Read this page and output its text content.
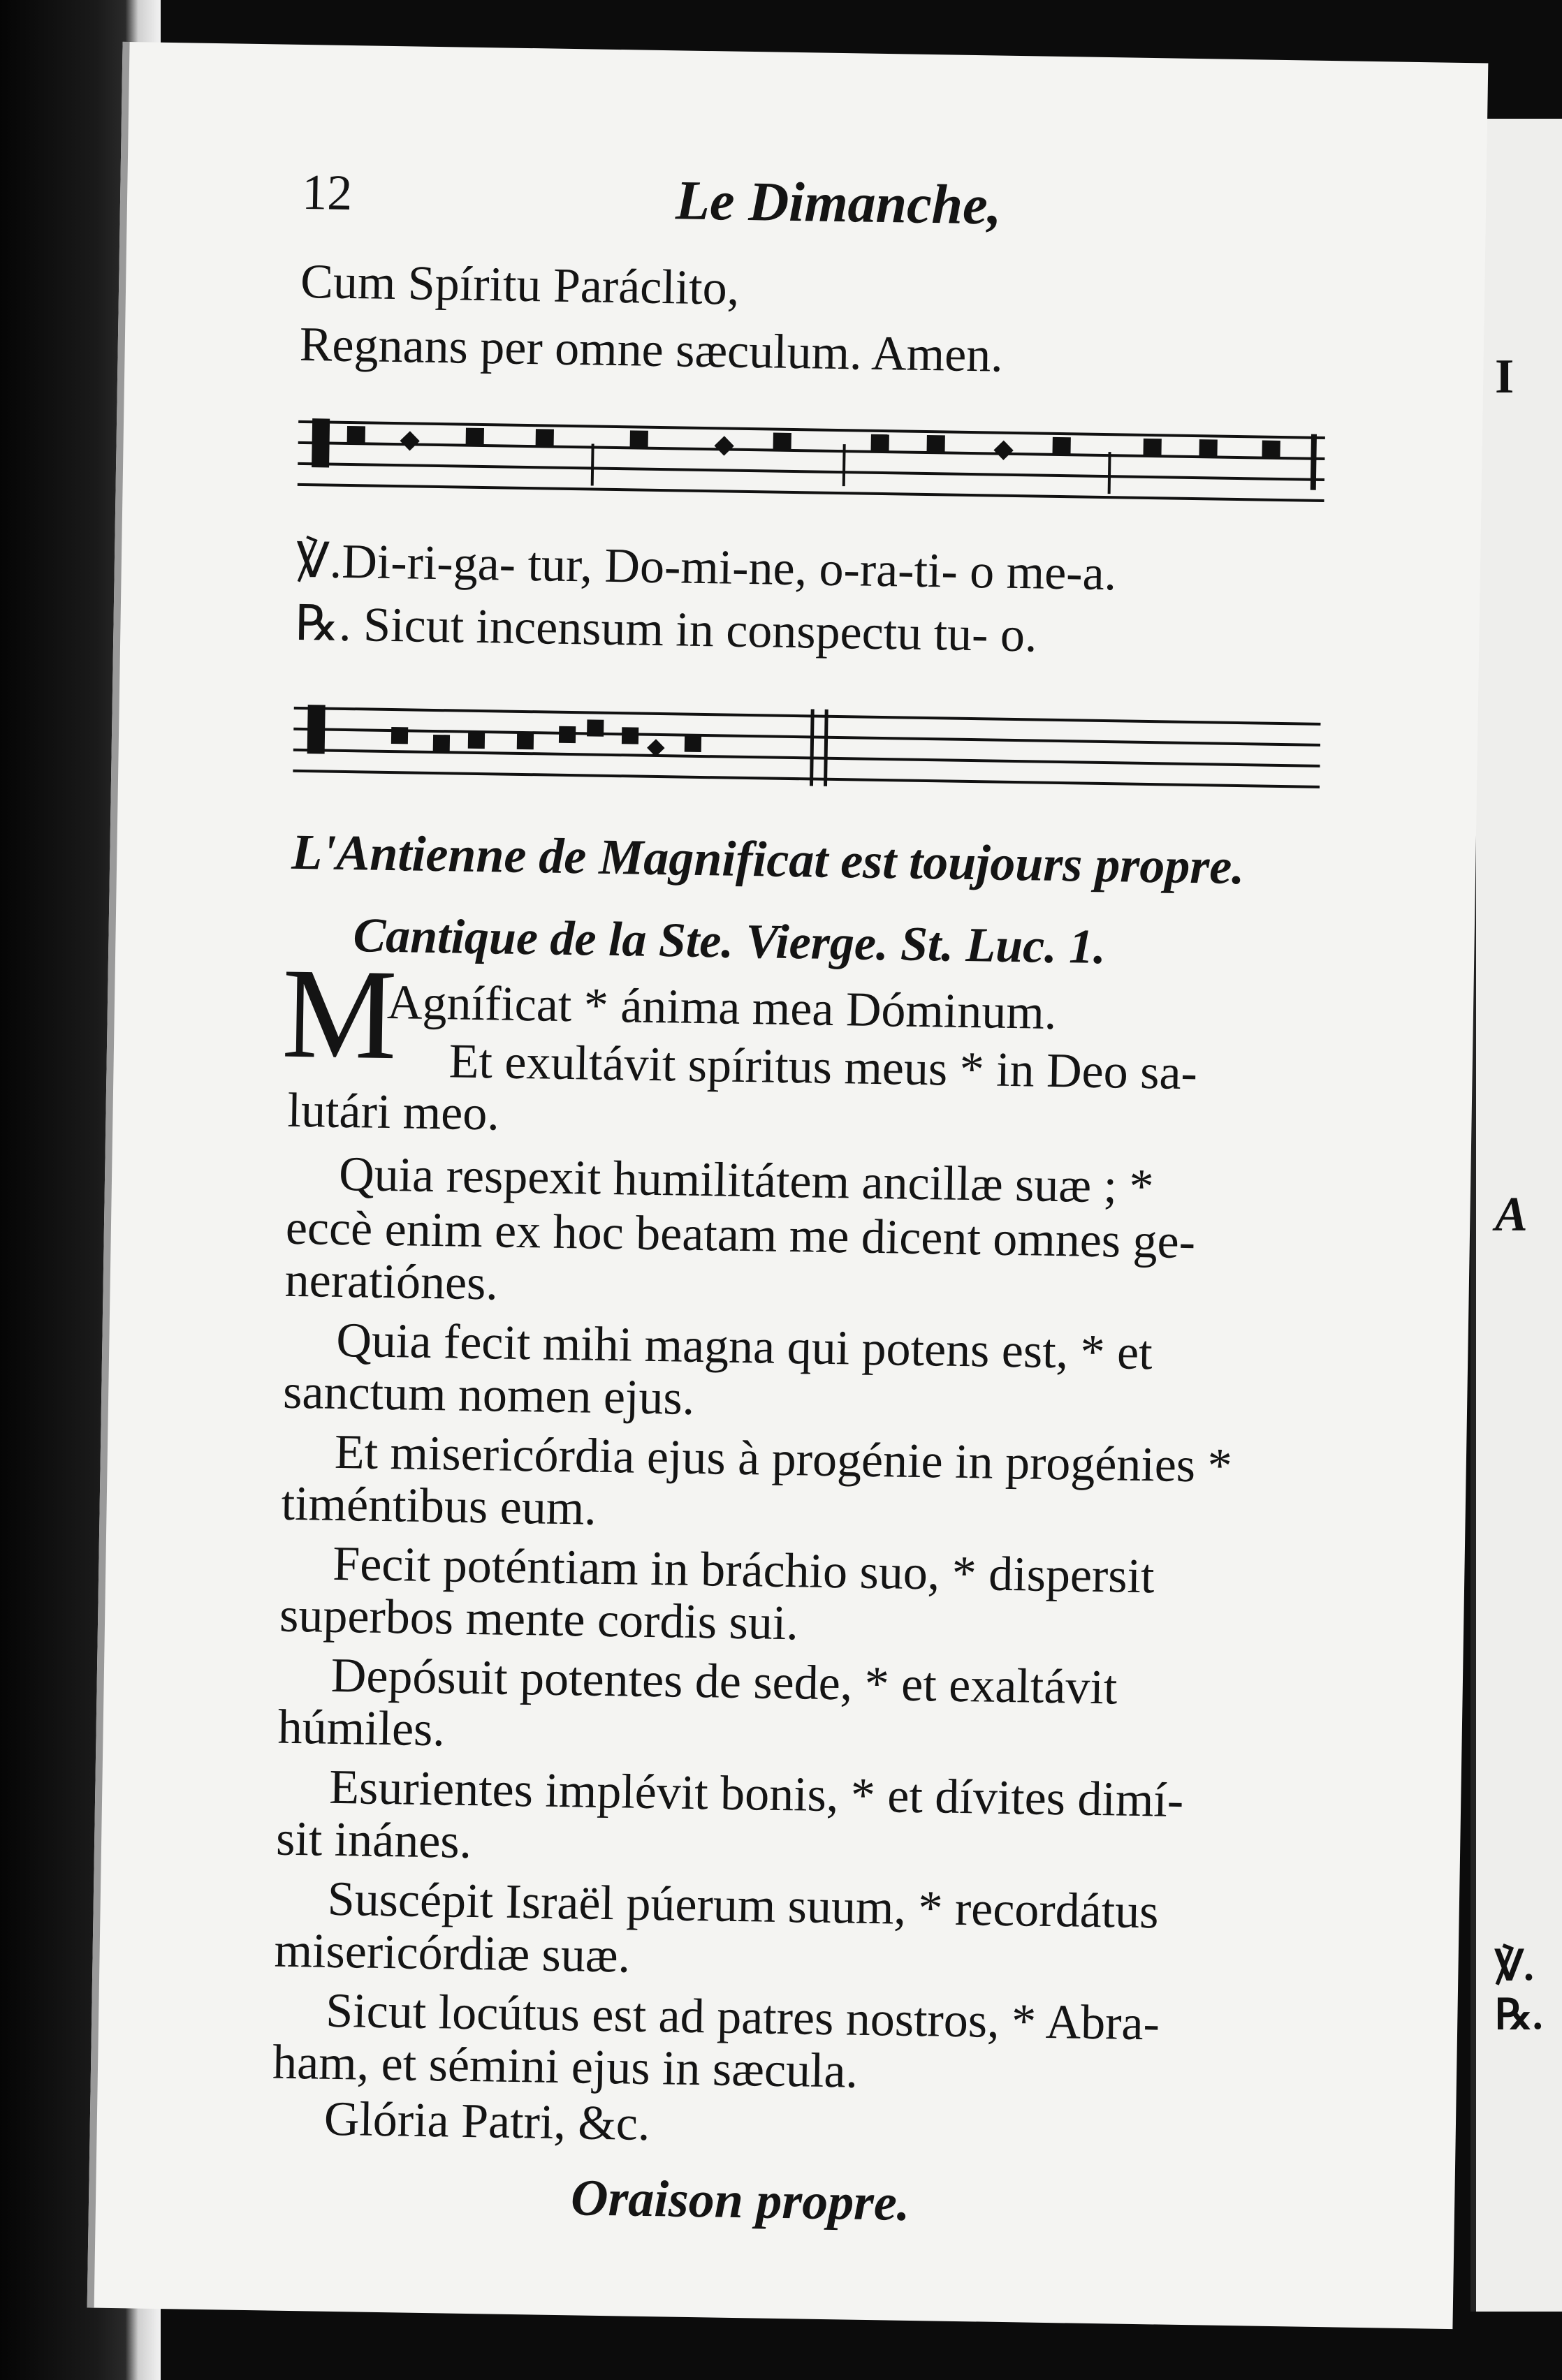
I
A
℣.
℞.
12	Le Dimanche,
Cum Spíritu Paráclito,
Regnans per omne sæculum. Amen.
℣.Di-ri-ga- tur, Do-mi-ne, o-ra-ti- o me-a.
℞. Sicut incensum in conspectu tu- o.
L'Antienne de Magnificat est toujours propre.
Cantique de la Ste. Vierge. St. Luc. 1.
M
Agníficat * ánima mea Dóminum.
Et exultávit spíritus meus * in Deo sa-
lutári meo.
Quia respexit humilitátem ancillæ suæ ; *
eccè enim ex hoc beatam me dicent omnes ge-
neratiónes.
Quia fecit mihi magna qui potens est, * et
sanctum nomen ejus.
Et misericórdia ejus à progénie in progénies *
timéntibus eum.
Fecit poténtiam in bráchio suo, * dispersit
superbos mente cordis sui.
Depósuit potentes de sede, * et exaltávit
húmiles.
Esurientes implévit bonis, * et dívites dimí-
sit inánes.
Suscépit Israël púerum suum, * recordátus
misericórdiæ suæ.
Sicut locútus est ad patres nostros, * Abra-
ham, et sémini ejus in sæcula.
Glória Patri, &c.
Oraison propre.
